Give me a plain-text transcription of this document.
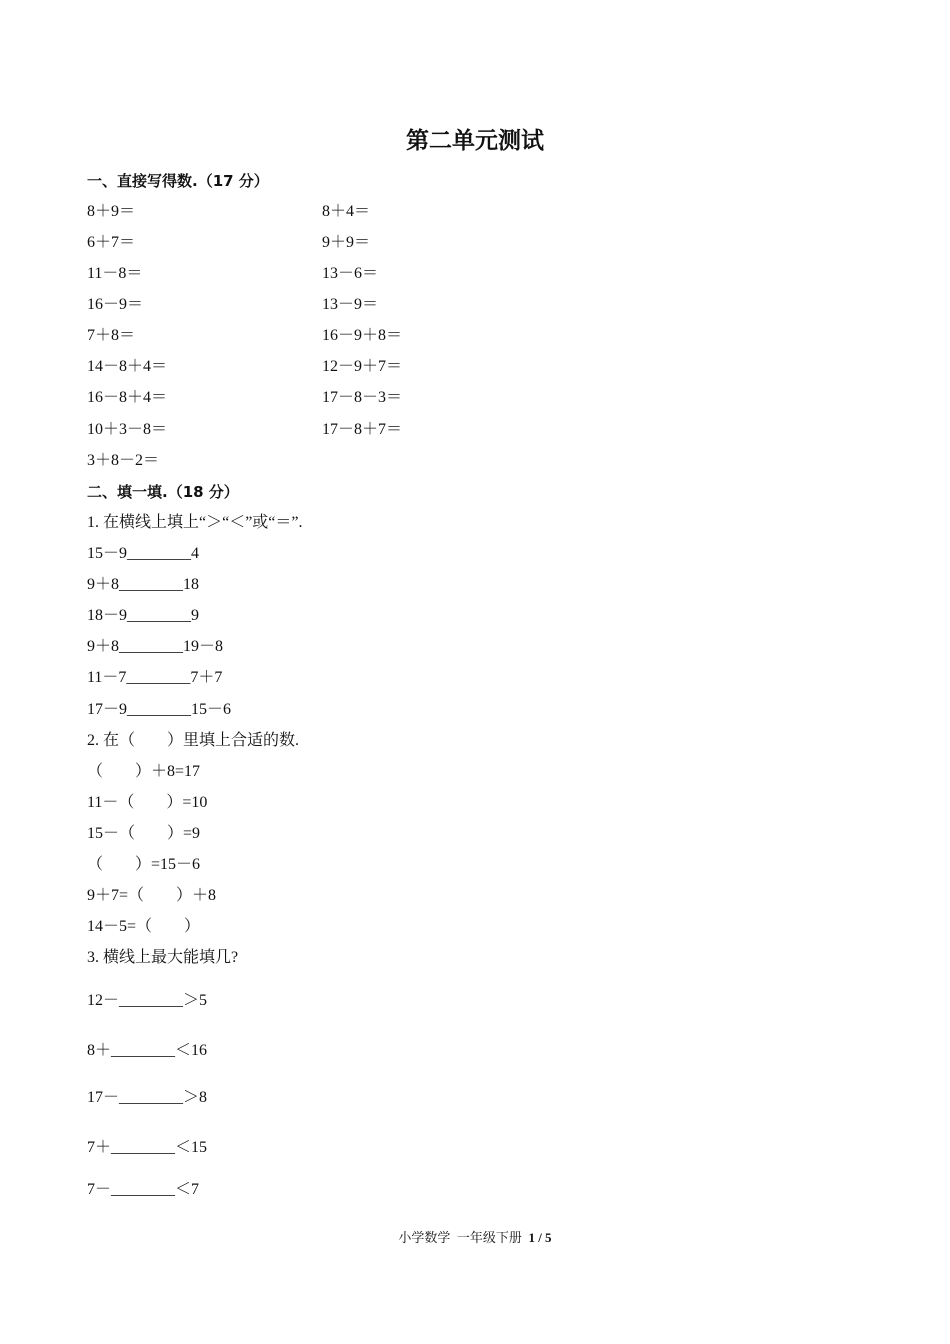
第二单元测试
一、直接写得数.（17 分）
8＋9＝
6＋7＝
11－8＝
16－9＝
7＋8＝
14－8＋4＝
16－8＋4＝
10＋3－8＝
3＋8－2＝
8＋4＝
9＋9＝
13－6＝
13－9＝
16－9＋8＝
12－9＋7＝
17－8－3＝
17－8＋7＝
二、填一填.（18 分）
1. 在横线上填上“＞“＜”或“＝”.
15－9________4
9＋8________18
18－9________9
9＋8________19－8
11－7________7＋7
17－9________15－6
2. 在（　　）里填上合适的数.
（　　）＋8=17
11－（　　）=10
15－（　　）=9
（　　）=15－6
9＋7=（　　）＋8
14－5=（　　）
3. 横线上最大能填几?
12－________＞5
8＋________＜16
17－________＞8
7＋________＜15
7－________＜7
小学数学  一年级下册  1 / 5
